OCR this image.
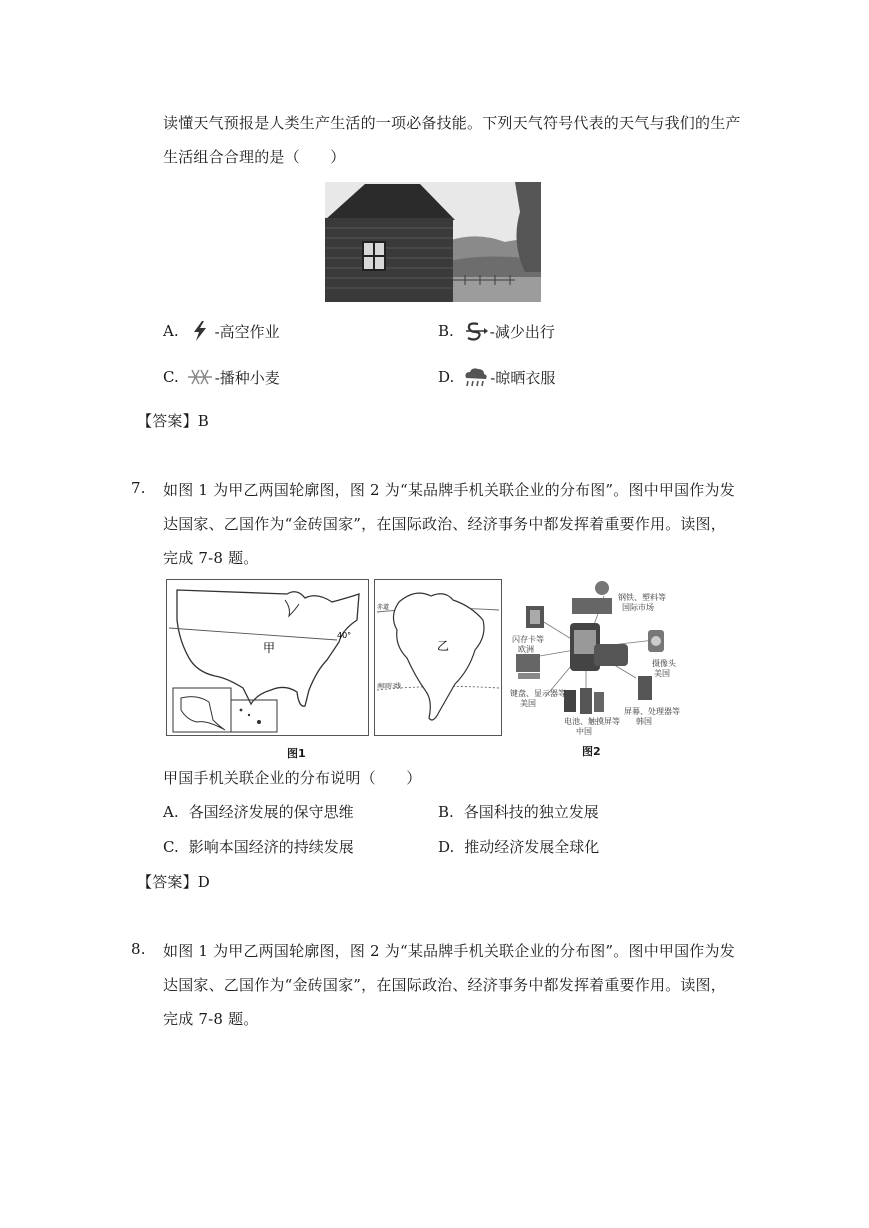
读懂天气预报是人类生产生活的一项必备技能。下列天气符号代表的天气与我们的生产
生活组合合理的是（　　）
A. -高空作业	B. -减少出行
C. -播种小麦	D. -晾晒衣服
【答案】B
7. 如图 1 为甲乙两国轮廓图，图 2 为“某品牌手机关联企业的分布图”。图中甲国作为发
达国家、乙国作为“金砖国家”，在国际政治、经济事务中都发挥着重要作用。读图，
完成 7-8 题。
40°
甲
图1
赤道
南回归线
乙
钢铁、塑料等
国际市场
闪存卡等
欧洲
摄像头
美国
键盘、显示器等
美国
电池、触摸屏等
中国
屏幕、处理器等
韩国
图2
甲国手机关联企业的分布说明（　　）
A. 各国经济发展的保守思维	B. 各国科技的独立发展
C. 影响本国经济的持续发展	D. 推动经济发展全球化
【答案】D
8. 如图 1 为甲乙两国轮廓图，图 2 为“某品牌手机关联企业的分布图”。图中甲国作为发
达国家、乙国作为“金砖国家”，在国际政治、经济事务中都发挥着重要作用。读图，
完成 7-8 题。
